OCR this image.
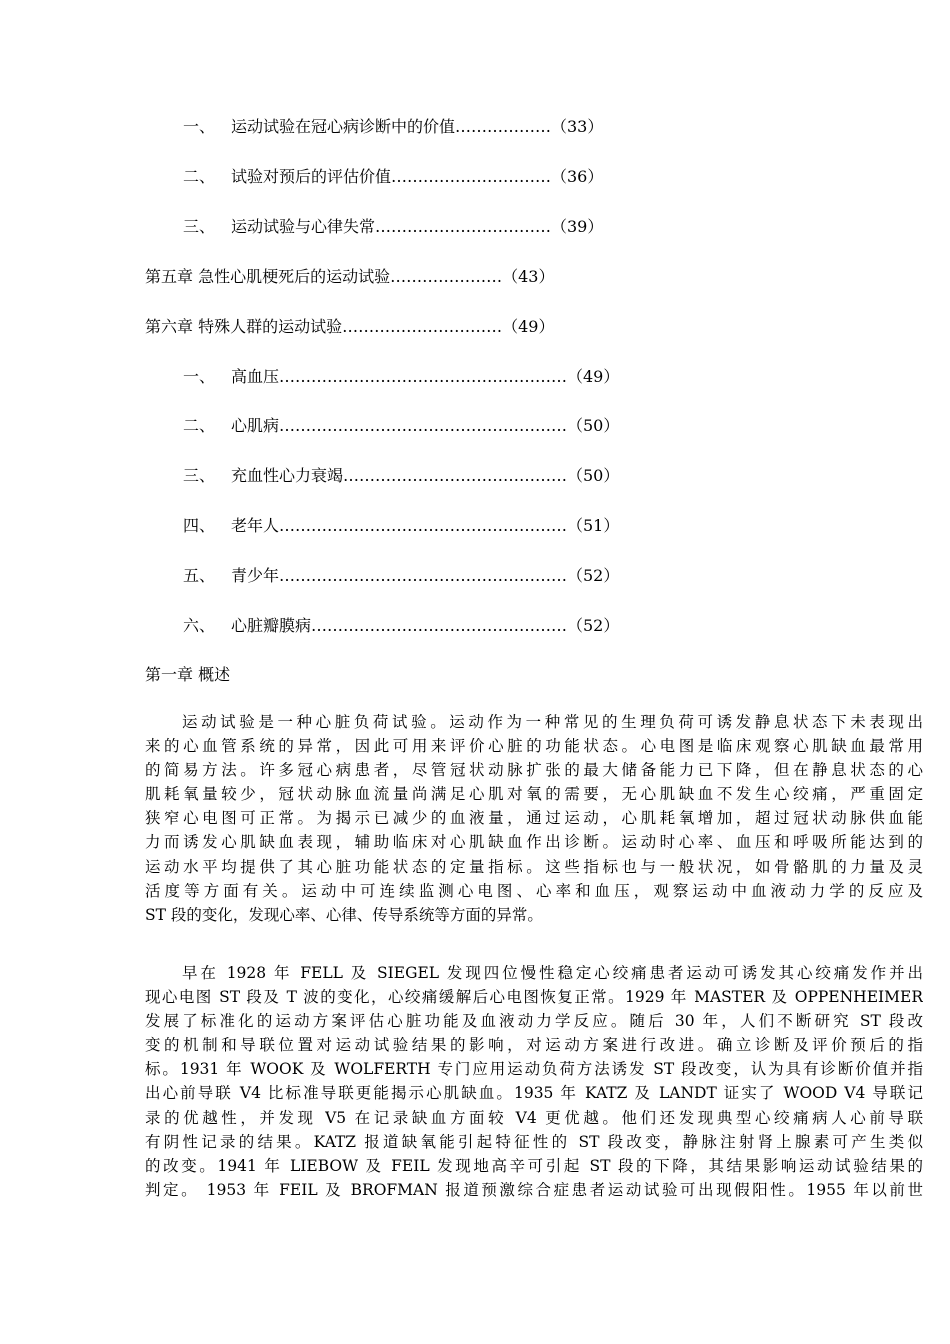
一、 运动试验在冠心病诊断中的价值………………（33）
二、 试验对预后的评估价值…………………………（36）
三、 运动试验与心律失常……………………………（39）
第五章 急性心肌梗死后的运动试验…………………（43）
第六章 特殊人群的运动试验…………………………（49）
一、 高血压………………………………………………（49）
二、 心肌病………………………………………………（50）
三、 充血性心力衰竭……………………………………（50）
四、 老年人………………………………………………（51）
五、 青少年………………………………………………（52）
六、 心脏瓣膜病…………………………………………（52）
第一章 概述
运动试验是一种心脏负荷试验。运动作为一种常见的生理负荷可诱发静息状态下未表现出
来的心血管系统的异常，因此可用来评价心脏的功能状态。心电图是临床观察心肌缺血最常用
的简易方法。许多冠心病患者，尽管冠状动脉扩张的最大储备能力已下降，但在静息状态的心
肌耗氧量较少，冠状动脉血流量尚满足心肌对氧的需要，无心肌缺血不发生心绞痛，严重固定
狭窄心电图可正常。为揭示已减少的血液量，通过运动，心肌耗氧增加，超过冠状动脉供血能
力而诱发心肌缺血表现，辅助临床对心肌缺血作出诊断。运动时心率、血压和呼吸所能达到的
运动水平均提供了其心脏功能状态的定量指标。这些指标也与一般状况，如骨骼肌的力量及灵
活度等方面有关。运动中可连续监测心电图、心率和血压，观察运动中血液动力学的反应及
ST 段的变化，发现心率、心律、传导系统等方面的异常。
早在 1928 年 FELL 及 SIEGEL 发现四位慢性稳定心绞痛患者运动可诱发其心绞痛发作并出
现心电图 ST 段及 T 波的变化，心绞痛缓解后心电图恢复正常。1929 年 MASTER 及 OPPENHEIMER
发展了标准化的运动方案评估心脏功能及血液动力学反应。随后 30 年，人们不断研究 ST 段改
变的机制和导联位置对运动试验结果的影响，对运动方案进行改进。确立诊断及评价预后的指
标。1931 年 WOOK 及 WOLFERTH 专门应用运动负荷方法诱发 ST 段改变，认为具有诊断价值并指
出心前导联 V4 比标准导联更能揭示心肌缺血。1935 年 KATZ 及 LANDT 证实了 WOOD V4 导联记
录的优越性，并发现 V5 在记录缺血方面较 V4 更优越。他们还发现典型心绞痛病人心前导联
有阴性记录的结果。KATZ 报道缺氧能引起特征性的 ST 段改变，静脉注射肾上腺素可产生类似
的改变。1941 年 LIEBOW 及 FEIL 发现地高辛可引起 ST 段的下降，其结果影响运动试验结果的
判定。 1953 年 FEIL 及 BROFMAN 报道预激综合症患者运动试验可出现假阳性。1955 年以前世
